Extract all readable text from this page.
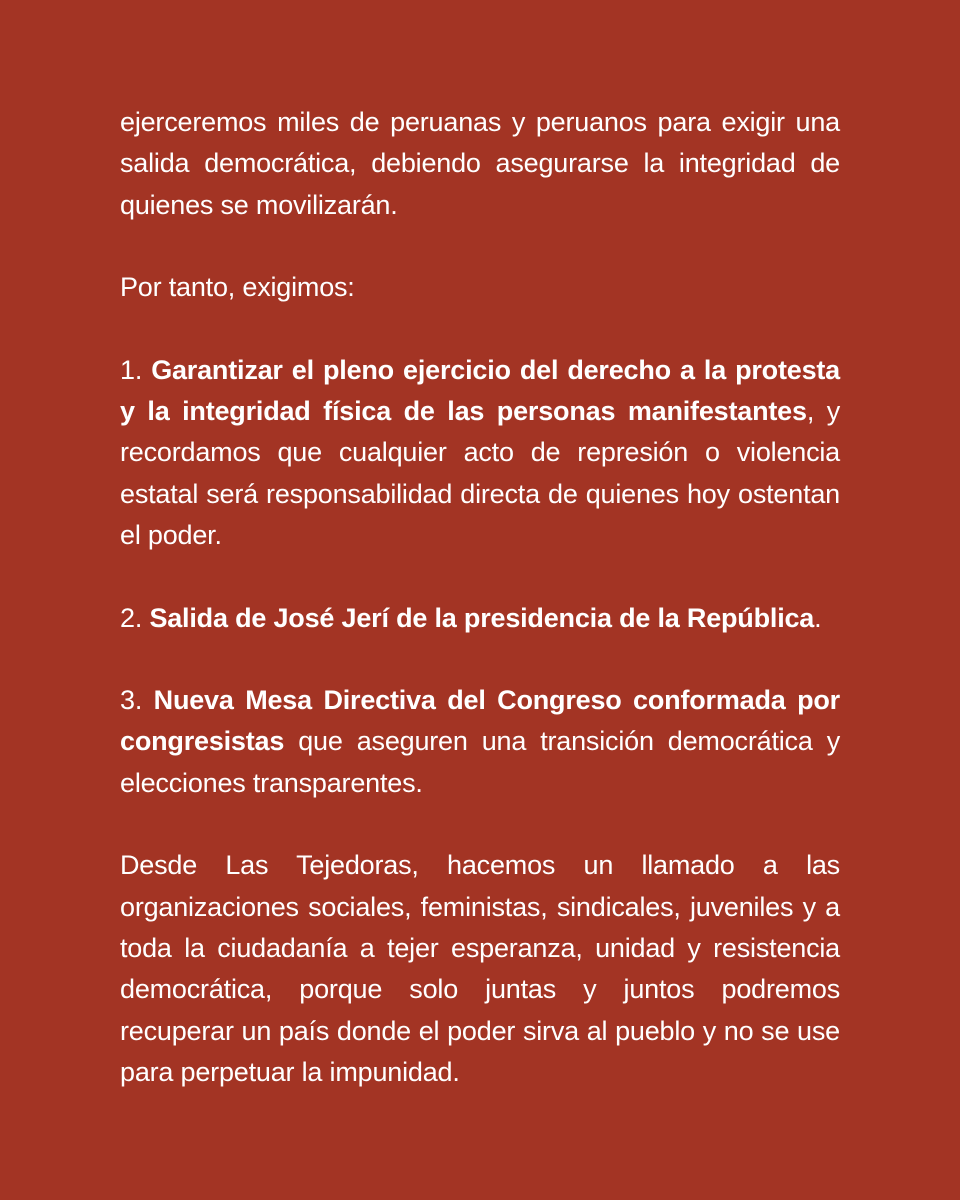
ejerceremos miles de peruanas y peruanos para exigir una salida democrática, debiendo asegurarse la integridad de quienes se movilizarán.

Por tanto, exigimos:

1. Garantizar el pleno ejercicio del derecho a la protesta y la integridad física de las personas manifestantes, y recordamos que cualquier acto de represión o violencia estatal será responsabilidad directa de quienes hoy ostentan el poder.

2. Salida de José Jerí de la presidencia de la República.

3. Nueva Mesa Directiva del Congreso conformada por congresistas que aseguren una transición democrática y elecciones transparentes.

Desde Las Tejedoras, hacemos un llamado a las organizaciones sociales, feministas, sindicales, juveniles y a toda la ciudadanía a tejer esperanza, unidad y resistencia democrática, porque solo juntas y juntos podremos recuperar un país donde el poder sirva al pueblo y no se use para perpetuar la impunidad.
